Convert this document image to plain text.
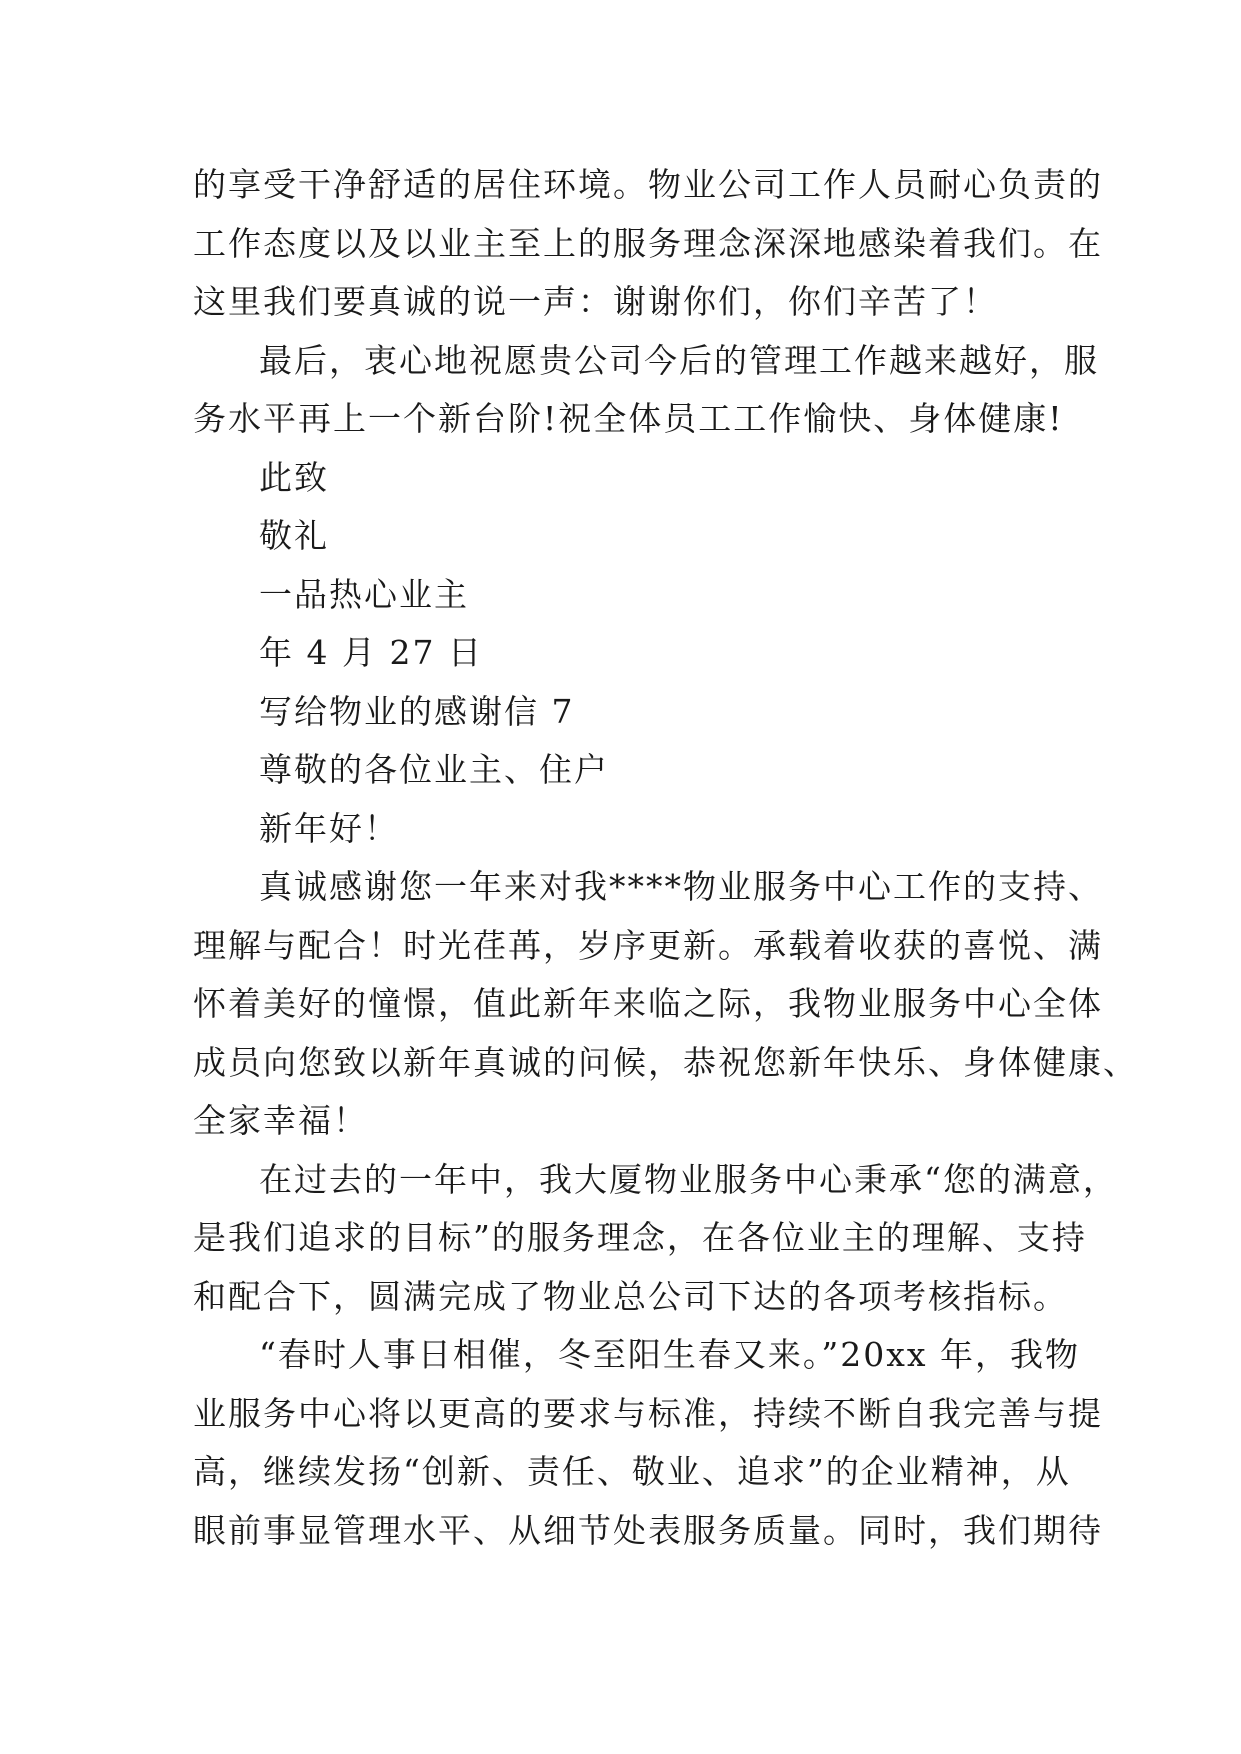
的享受干净舒适的居住环境。物业公司工作人员耐心负责的
工作态度以及以业主至上的服务理念深深地感染着我们。在
这里我们要真诚的说一声：谢谢你们，你们辛苦了！
最后，衷心地祝愿贵公司今后的管理工作越来越好，服
务水平再上一个新台阶!祝全体员工工作愉快、身体健康!
此致
敬礼
一品热心业主
年 4 月 27 日
写给物业的感谢信 7
尊敬的各位业主、住户
新年好！
真诚感谢您一年来对我****物业服务中心工作的支持、
理解与配合！时光荏苒，岁序更新。承载着收获的喜悦、满
怀着美好的憧憬，值此新年来临之际，我物业服务中心全体
成员向您致以新年真诚的问候，恭祝您新年快乐、身体健康、
全家幸福！
在过去的一年中，我大厦物业服务中心秉承“您的满意，
是我们追求的目标”的服务理念，在各位业主的理解、支持
和配合下，圆满完成了物业总公司下达的各项考核指标。
“春时人事日相催，冬至阳生春又来。”20xx 年，我物
业服务中心将以更高的要求与标准，持续不断自我完善与提
高，继续发扬“创新、责任、敬业、追求”的企业精神，从
眼前事显管理水平、从细节处表服务质量。同时，我们期待
